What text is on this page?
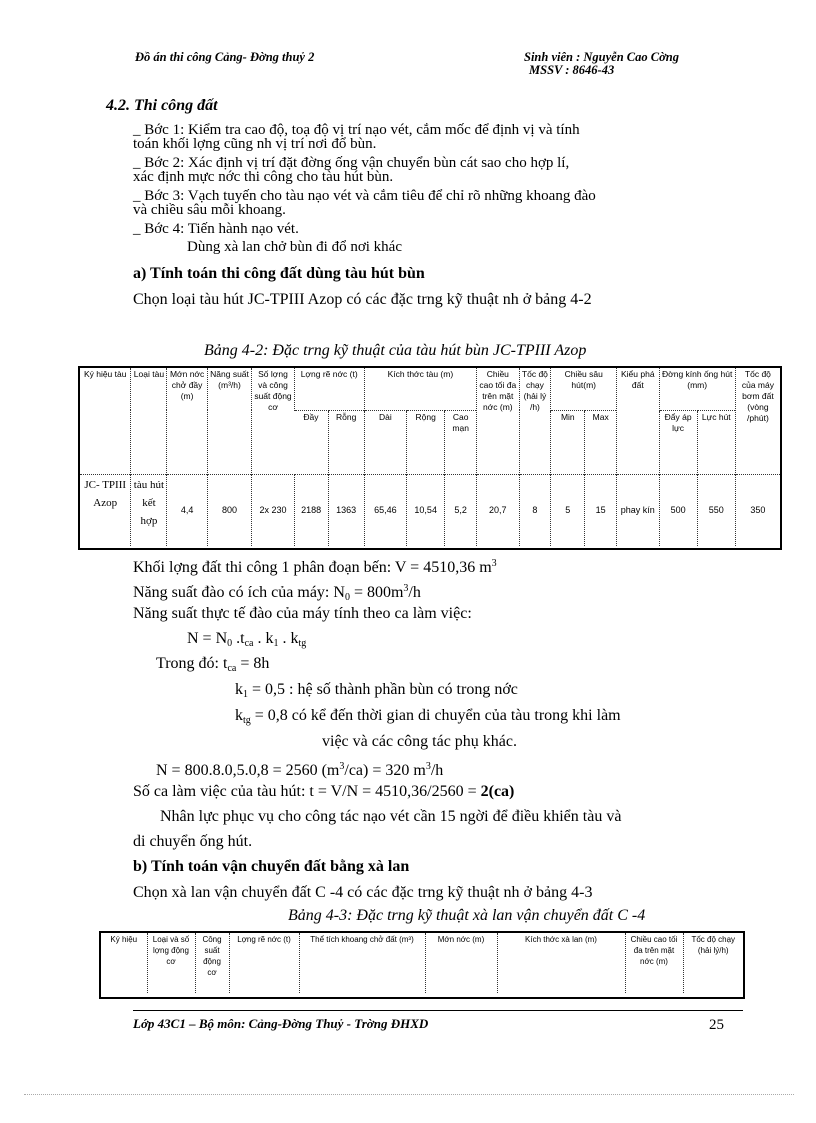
Đồ án thi công Cảng- Đờng thuỷ 2	Sinh viên : Nguyễn Cao Cờng
MSSV : 8646-43
4.2. Thi công đất
_ Bớc 1: Kiểm tra cao độ, toạ độ vị trí nạo vét, cắm mốc để định vị và tính
toán khối lợng cũng nh vị trí nơi đổ bùn.
_ Bớc 2: Xác định vị trí đặt đờng ống vận chuyển bùn cát sao cho hợp lí,
xác định mực nớc thi công cho tàu hút bùn.
_ Bớc 3: Vạch tuyến cho tàu nạo vét và cắm tiêu để chỉ rõ những khoang đào
và chiều sâu mỗi khoang.
_ Bớc 4: Tiến hành nạo vét.
Dùng xà lan chở bùn đi đổ nơi khác
a) Tính toán thi công đất dùng tàu hút bùn
Chọn loại tàu hút JC-TPIII Azop có các đặc trng kỹ thuật nh ở bảng 4-2
Bảng 4-2: Đặc trng kỹ thuật của tàu hút bùn JC-TPIII Azop
Ký hiệu tàu	Loại tàu	Mớn nớc chở đầy (m)	Năng suất (m³/h)	Số lợng và công suất động cơ	Lợng rẽ nớc (t)		Kích thớc tàu (m)			Chiều cao tối đa trên mặt nớc (m)	Tốc độ chạy (hải lý /h)	Chiều sâu hút(m)		Kiểu phá đất	Đờng kính ống hút (mm)		Tốc độ của máy bơm đất (vòng /phút)
					Đầy	Rỗng	Dài	Rộng	Cao mạn			Min	Max		Đẩy áp lực	Lực hút	
JC- TPIII Azop	tàu hút kết hợp	4,4	800	2x 230	2188	1363	65,46	10,54	5,2	20,7	8	5	15	phay kín	500	550	350
Khối lợng đất thi công 1 phân đoạn bến: V = 4510,36 $m^3$
Năng suất đào có ích của máy: $N_0 = 800m^3/h$
Năng suất thực tế đào của máy tính theo ca làm việc:
$N = N_0$ $.t_{ca}$ . $k_1$ . $k_{tg}$
Trong đó: $t_{ca} = 8h$
$k_1 = 0,5$ : hệ số thành phần bùn có trong nớc
$k_{tg} = 0,8$ có kể đến thời gian di chuyển của tàu trong khi làm
việc và các công tác phụ khác.
N = 800.8.0,5.0,8 = 2560 $(m^3/ca) = 320$ $m^3/h$
Số ca làm việc của tàu hút: t = V/N = 4510,36/2560 = 2(ca)
Nhân lực phục vụ cho công tác nạo vét cần 15 ngời để điều khiển tàu và
di chuyển ống hút.
b) Tính toán vận chuyển đất bằng xà lan
Chọn xà lan vận chuyển đất C -4 có các đặc trng kỹ thuật nh ở bảng 4-3
Bảng 4-3: Đặc trng kỹ thuật xà lan vận chuyển đất C -4
Ký hiệu	Loại và số lợng động cơ	Công suất động cơ	Lợng rẽ nớc (t)	Thể tích khoang chở đất (m³)	Mớn nớc (m)	Kích thớc xà lan (m)	Chiều cao tối đa trên mặt nớc (m)	Tốc độ chạy (hải lý/h)
Lớp 43C1 – Bộ môn: Cảng-Đờng Thuỷ - Trờng ĐHXD	25
